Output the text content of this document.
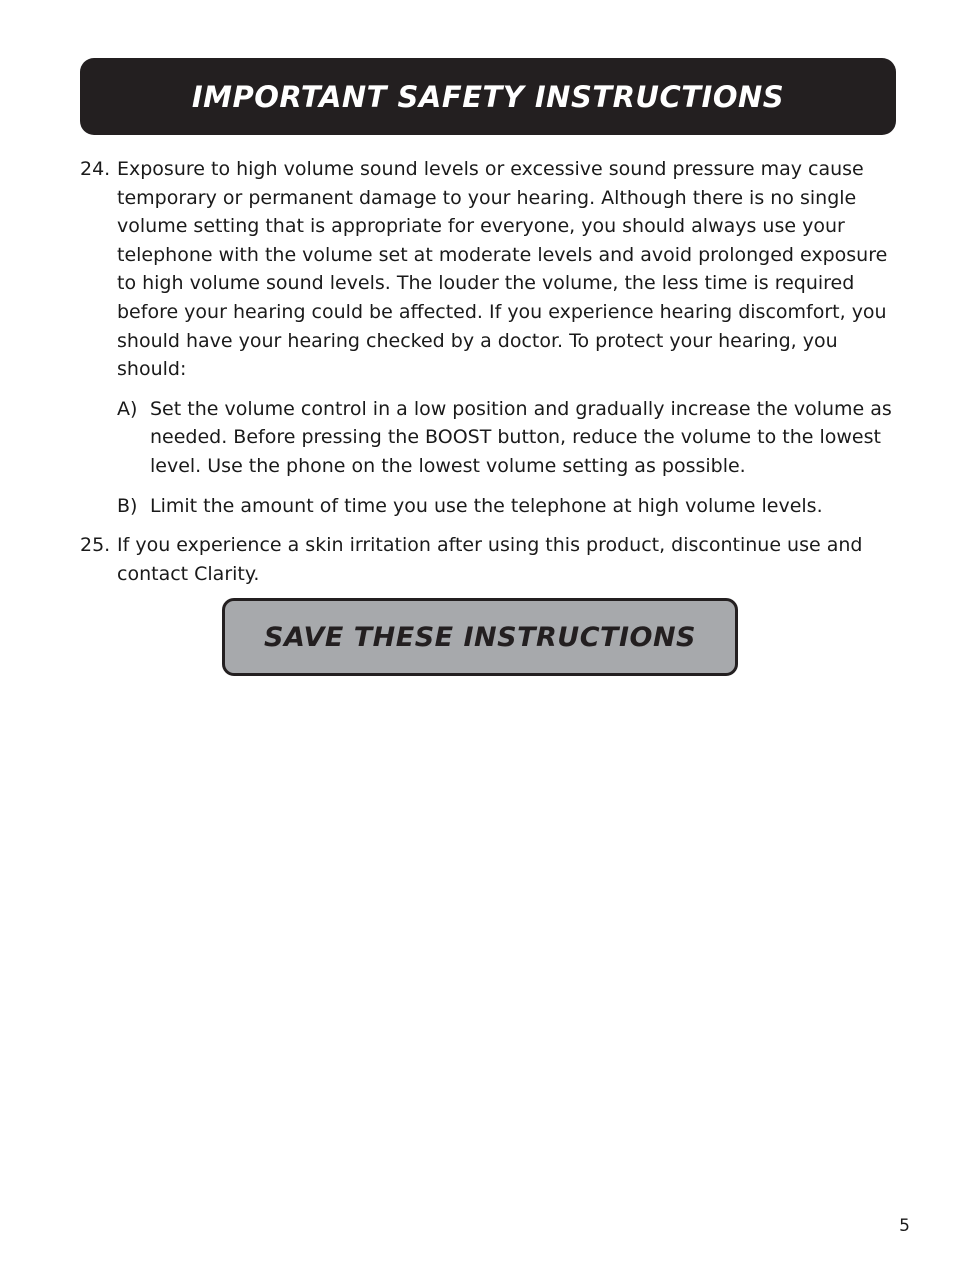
IMPORTANT SAFETY INSTRUCTIONS
24. Exposure to high volume sound levels or excessive sound pressure may cause temporary or permanent damage to your hearing. Although there is no single volume setting that is appropriate for everyone, you should always use your telephone with the volume set at moderate levels and avoid prolonged exposure to high volume sound levels. The louder the volume, the less time is required before your hearing could be affected. If you experience hearing discomfort, you should have your hearing checked by a doctor. To protect your hearing, you should:

A) Set the volume control in a low position and gradually increase the volume as needed. Before pressing the BOOST button, reduce the volume to the lowest level. Use the phone on the lowest volume setting as possible.
B) Limit the amount of time you use the telephone at high volume levels.
25. If you experience a skin irritation after using this product, discontinue use and contact Clarity.

SAVE THESE INSTRUCTIONS
5
